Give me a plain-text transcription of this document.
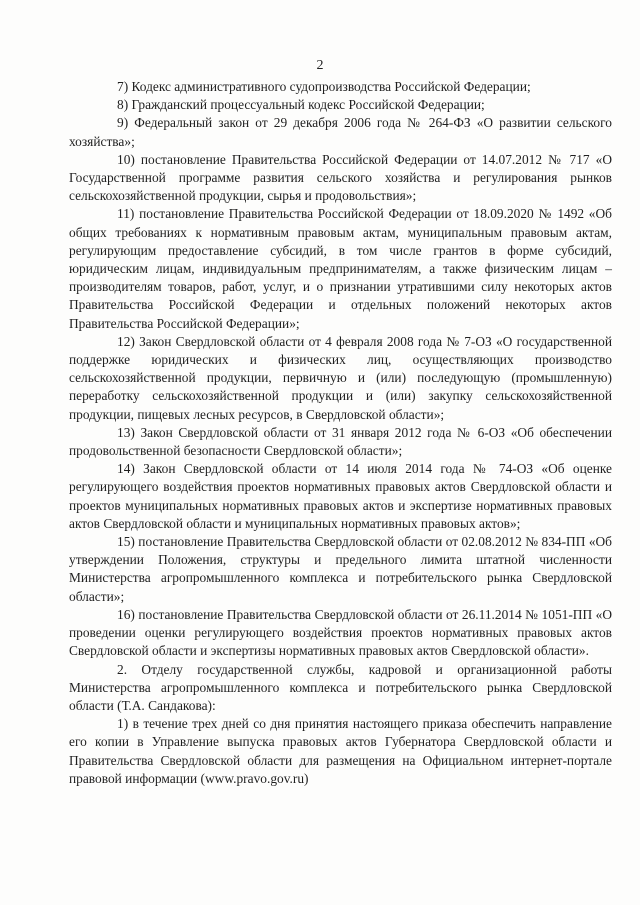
2

7) Кодекс административного судопроизводства Российской Федерации;

8) Гражданский процессуальный кодекс Российской Федерации;

9) Федеральный закон от 29 декабря 2006 года № 264-ФЗ «О развитии сельского хозяйства»;

10) постановление Правительства Российской Федерации от 14.07.2012 № 717 «О Государственной программе развития сельского хозяйства и регулирования рынков сельскохозяйственной продукции, сырья и продовольствия»;

11) постановление Правительства Российской Федерации от 18.09.2020 № 1492 «Об общих требованиях к нормативным правовым актам, муниципальным правовым актам, регулирующим предоставление субсидий, в том числе грантов в форме субсидий, юридическим лицам, индивидуальным предпринимателям, а также физическим лицам – производителям товаров, работ, услуг, и о признании утратившими силу некоторых актов Правительства Российской Федерации и отдельных положений некоторых актов Правительства Российской Федерации»;

12) Закон Свердловской области от 4 февраля 2008 года № 7-ОЗ «О государственной поддержке юридических и физических лиц, осуществляющих производство сельскохозяйственной продукции, первичную и (или) последующую (промышленную) переработку сельскохозяйственной продукции и (или) закупку сельскохозяйственной продукции, пищевых лесных ресурсов, в Свердловской области»;

13) Закон Свердловской области от 31 января 2012 года № 6-ОЗ «Об обеспечении продовольственной безопасности Свердловской области»;

14) Закон Свердловской области от 14 июля 2014 года № 74-ОЗ «Об оценке регулирующего воздействия проектов нормативных правовых актов Свердловской области и проектов муниципальных нормативных правовых актов и экспертизе нормативных правовых актов Свердловской области и муниципальных нормативных правовых актов»;

15) постановление Правительства Свердловской области от 02.08.2012 № 834-ПП «Об утверждении Положения, структуры и предельного лимита штатной численности Министерства агропромышленного комплекса и потребительского рынка Свердловской области»;

16) постановление Правительства Свердловской области от 26.11.2014 № 1051-ПП «О проведении оценки регулирующего воздействия проектов нормативных правовых актов Свердловской области и экспертизы нормативных правовых актов Свердловской области».

2. Отделу государственной службы, кадровой и организационной работы Министерства агропромышленного комплекса и потребительского рынка Свердловской области (Т.А. Сандакова):

1) в течение трех дней со дня принятия настоящего приказа обеспечить направление его копии в Управление выпуска правовых актов Губернатора Свердловской области и Правительства Свердловской области для размещения на Официальном интернет-портале правовой информации (www.pravo.gov.ru)
